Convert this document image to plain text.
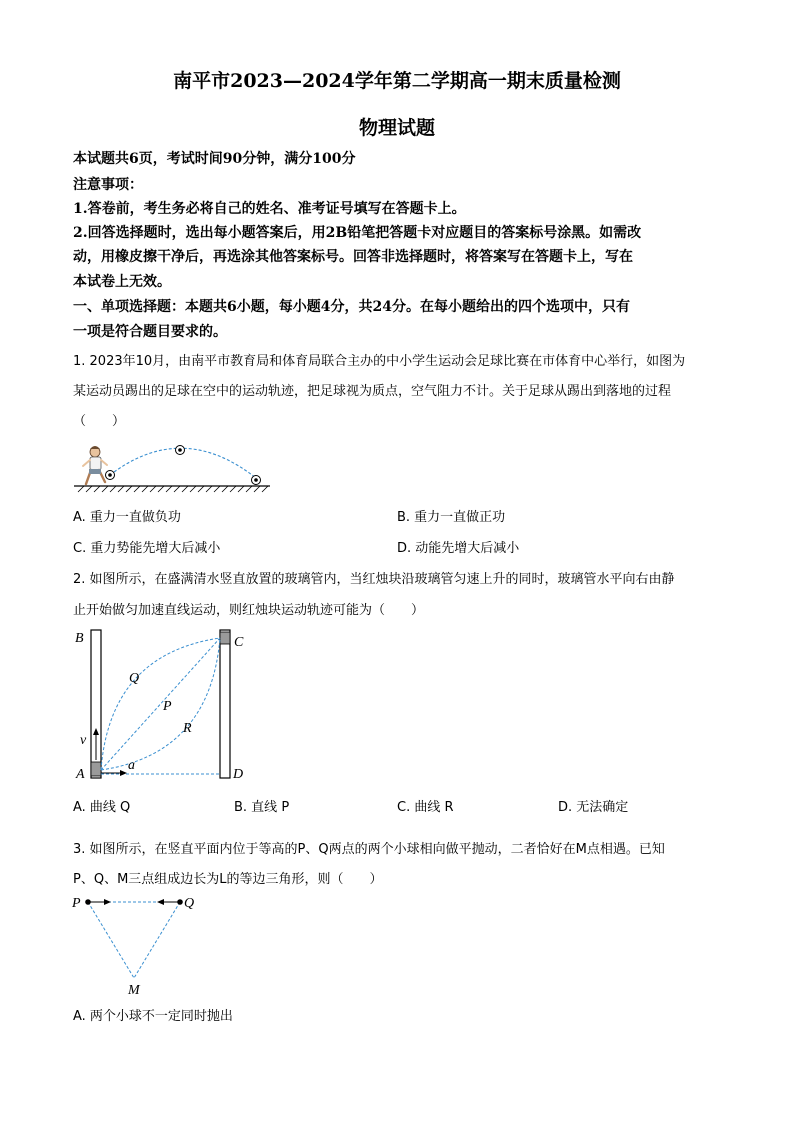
南平市2023—2024学年第二学期高一期末质量检测
物理试题
本试题共6页，考试时间90分钟，满分100分
注意事项：
1.答卷前，考生务必将自己的姓名、准考证号填写在答题卡上。
2.回答选择题时，选出每小题答案后，用2B铅笔把答题卡对应题目的答案标号涂黑。如需改
动，用橡皮擦干净后，再选涂其他答案标号。回答非选择题时，将答案写在答题卡上，写在
本试卷上无效。
一、单项选择题：本题共6小题，每小题4分，共24分。在每小题给出的四个选项中，只有
一项是符合题目要求的。
1. 2023年10月，由南平市教育局和体育局联合主办的中小学生运动会足球比赛在市体育中心举行，如图为
某运动员踢出的足球在空中的运动轨迹，把足球视为质点，空气阻力不计。关于足球从踢出到落地的过程
（　　）
A. 重力一直做负功	B. 重力一直做正功
C. 重力势能先增大后减小	D. 动能先增大后减小
2. 如图所示，在盛满清水竖直放置的玻璃管内，当红烛块沿玻璃管匀速上升的同时，玻璃管水平向右由静
止开始做匀加速直线运动，则红烛块运动轨迹可能为（　　）
B	C
Q
P
R
v
A
a
D
A. 曲线 Q	B. 直线 P	C. 曲线 R	D. 无法确定
3. 如图所示，在竖直平面内位于等高的P、Q两点的两个小球相向做平抛动，二者恰好在M点相遇。已知
P、Q、M三点组成边长为L的等边三角形，则（　　）
P	Q
M
A. 两个小球不一定同时抛出
